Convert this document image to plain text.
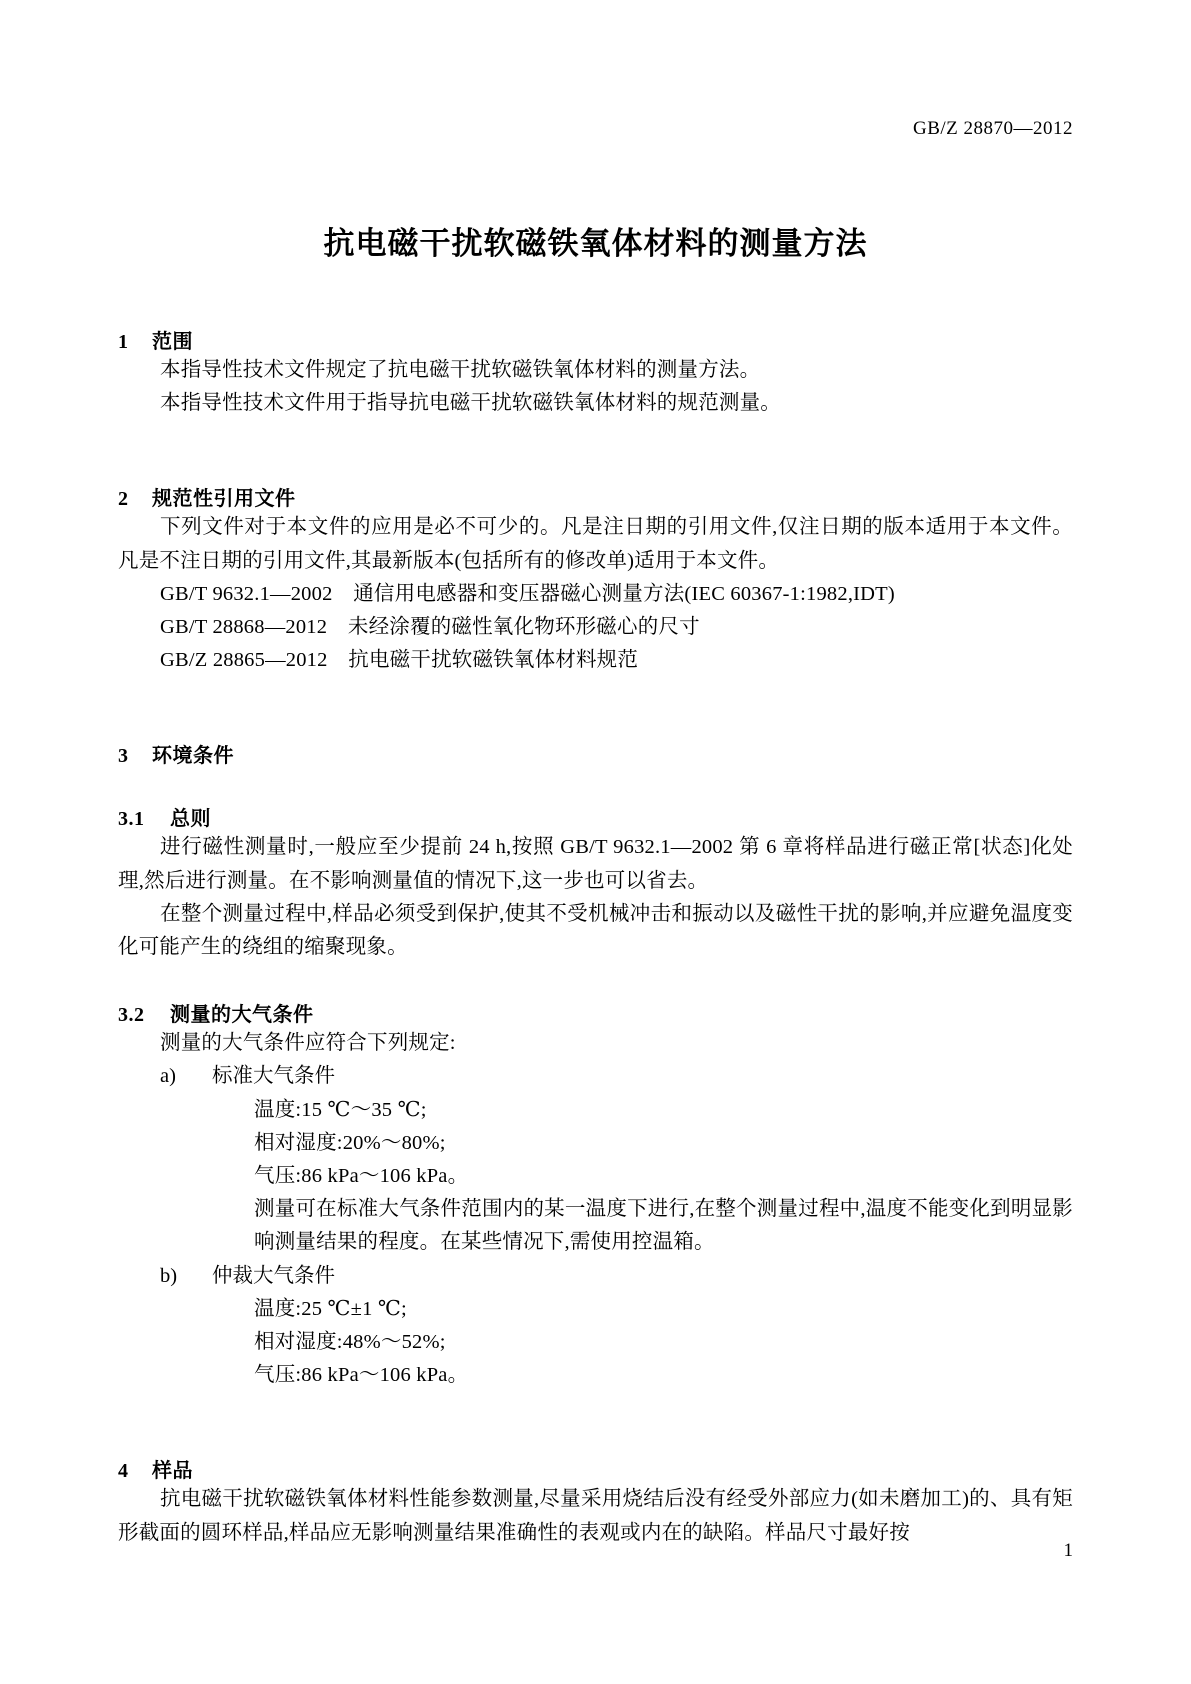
GB/Z 28870—2012
抗电磁干扰软磁铁氧体材料的测量方法
1 范围

本指导性技术文件规定了抗电磁干扰软磁铁氧体材料的测量方法。

本指导性技术文件用于指导抗电磁干扰软磁铁氧体材料的规范测量。

2 规范性引用文件

下列文件对于本文件的应用是必不可少的。凡是注日期的引用文件,仅注日期的版本适用于本文件。凡是不注日期的引用文件,其最新版本(包括所有的修改单)适用于本文件。

GB/T 9632.1—2002　通信用电感器和变压器磁心测量方法(IEC 60367-1:1982,IDT)

GB/T 28868—2012　未经涂覆的磁性氧化物环形磁心的尺寸

GB/Z 28865—2012　抗电磁干扰软磁铁氧体材料规范

3 环境条件
3.1 总则

进行磁性测量时,一般应至少提前 24 h,按照 GB/T 9632.1—2002 第 6 章将样品进行磁正常[状态]化处理,然后进行测量。在不影响测量值的情况下,这一步也可以省去。

在整个测量过程中,样品必须受到保护,使其不受机械冲击和振动以及磁性干扰的影响,并应避免温度变化可能产生的绕组的缩聚现象。

3.2 测量的大气条件

测量的大气条件应符合下列规定:

a)	标准大气条件

温度:15 ℃～35 ℃;

相对湿度:20%～80%;

气压:86 kPa～106 kPa。

测量可在标准大气条件范围内的某一温度下进行,在整个测量过程中,温度不能变化到明显影响测量结果的程度。在某些情况下,需使用控温箱。

b)	仲裁大气条件

温度:25 ℃±1 ℃;

相对湿度:48%～52%;

气压:86 kPa～106 kPa。

4 样品

抗电磁干扰软磁铁氧体材料性能参数测量,尽量采用烧结后没有经受外部应力(如未磨加工)的、具有矩形截面的圆环样品,样品应无影响测量结果准确性的表观或内在的缺陷。样品尺寸最好按

1
